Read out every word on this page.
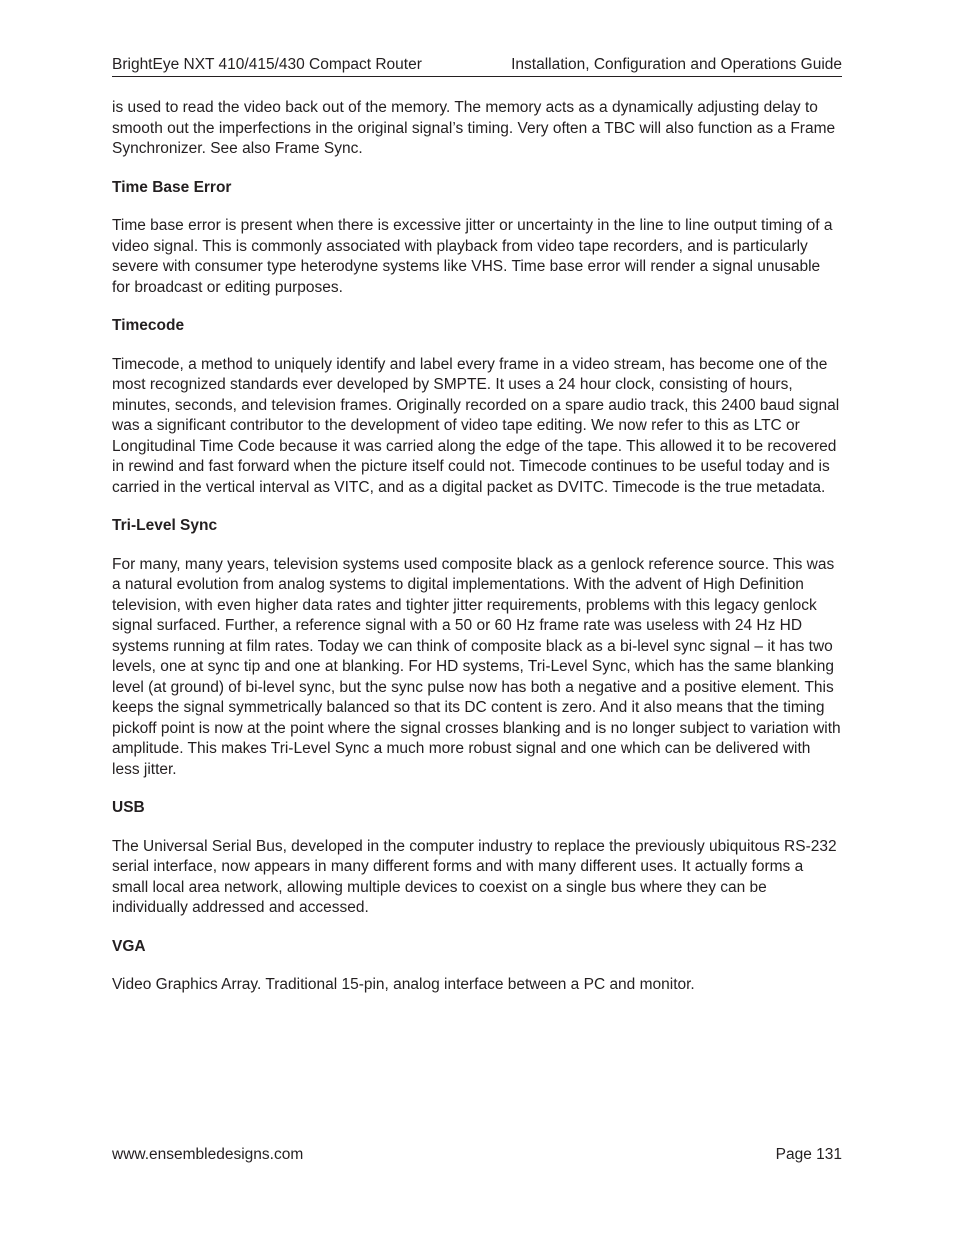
BrightEye NXT 410/415/430 Compact Router	Installation, Configuration and Operations Guide

is used to read the video back out of the memory. The memory acts as a dynamically adjusting delay to smooth out the imperfections in the original signal’s timing. Very often a TBC will also function as a Frame Synchronizer. See also Frame Sync.

Time Base Error

Time base error is present when there is excessive jitter or uncertainty in the line to line output timing of a video signal. This is commonly associated with playback from video tape recorders, and is particularly severe with consumer type heterodyne systems like VHS. Time base error will render a signal unusable for broadcast or editing purposes.

Timecode

Timecode, a method to uniquely identify and label every frame in a video stream, has become one of the most recognized standards ever developed by SMPTE. It uses a 24 hour clock, consisting of hours, minutes, seconds, and television frames. Originally recorded on a spare audio track, this 2400 baud signal was a significant contributor to the development of video tape editing. We now refer to this as LTC or Longitudinal Time Code because it was carried along the edge of the tape. This allowed it to be recovered in rewind and fast forward when the picture itself could not. Timecode continues to be useful today and is carried in the vertical interval as VITC, and as a digital packet as DVITC. Timecode is the true metadata.

Tri-Level Sync

For many, many years, television systems used composite black as a genlock reference source. This was a natural evolution from analog systems to digital implementations. With the advent of High Definition television, with even higher data rates and tighter jitter requirements, problems with this legacy genlock signal surfaced. Further, a reference signal with a 50 or 60 Hz frame rate was useless with 24 Hz HD systems running at film rates. Today we can think of composite black as a bi-level sync signal – it has two levels, one at sync tip and one at blanking. For HD systems, Tri-Level Sync, which has the same blanking level (at ground) of bi-level sync, but the sync pulse now has both a negative and a positive element. This keeps the signal symmetrically balanced so that its DC content is zero. And it also means that the timing pickoff point is now at the point where the signal crosses blanking and is no longer subject to variation with amplitude. This makes Tri-Level Sync a much more robust signal and one which can be delivered with less jitter.

USB

The Universal Serial Bus, developed in the computer industry to replace the previously ubiquitous RS-232 serial interface, now appears in many different forms and with many different uses. It actually forms a small local area network, allowing multiple devices to coexist on a single bus where they can be individually addressed and accessed.

VGA

Video Graphics Array. Traditional 15-pin, analog interface between a PC and monitor.

www.ensembledesigns.com	Page 131
